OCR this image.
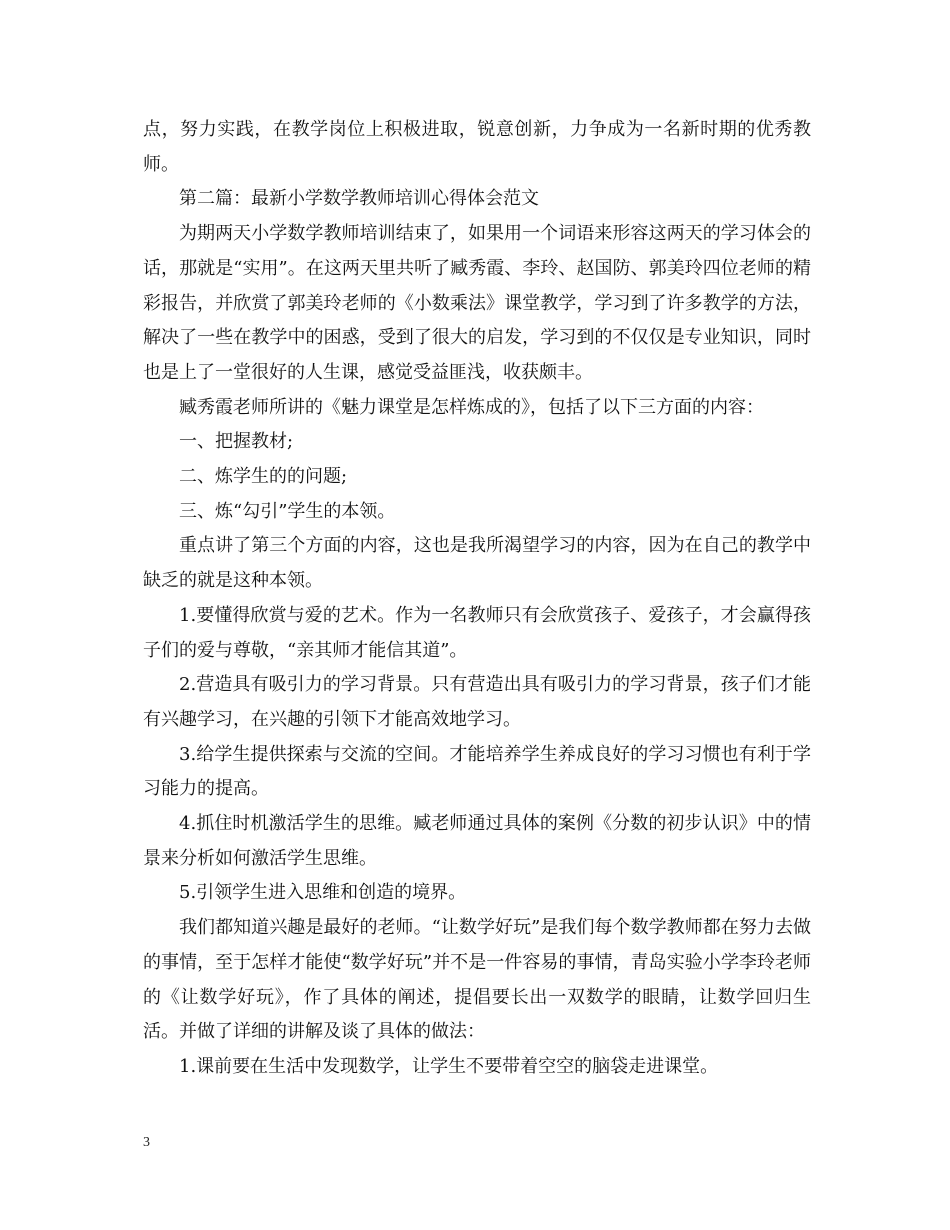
点，努力实践，在教学岗位上积极进取，锐意创新，力争成为一名新时期的优秀教师。

第二篇：最新小学数学教师培训心得体会范文

为期两天小学数学教师培训结束了，如果用一个词语来形容这两天的学习体会的话，那就是“实用”。在这两天里共听了臧秀霞、李玲、赵国防、郭美玲四位老师的精彩报告，并欣赏了郭美玲老师的《小数乘法》课堂教学，学习到了许多教学的方法，解决了一些在教学中的困惑，受到了很大的启发，学习到的不仅仅是专业知识，同时也是上了一堂很好的人生课，感觉受益匪浅，收获颇丰。

臧秀霞老师所讲的《魅力课堂是怎样炼成的》，包括了以下三方面的内容：

一、把握教材;

二、炼学生的的问题;

三、炼“勾引”学生的本领。

重点讲了第三个方面的内容，这也是我所渴望学习的内容，因为在自己的教学中缺乏的就是这种本领。

1.要懂得欣赏与爱的艺术。作为一名教师只有会欣赏孩子、爱孩子，才会赢得孩子们的爱与尊敬，“亲其师才能信其道”。

2.营造具有吸引力的学习背景。只有营造出具有吸引力的学习背景，孩子们才能有兴趣学习，在兴趣的引领下才能高效地学习。

3.给学生提供探索与交流的空间。才能培养学生养成良好的学习习惯也有利于学习能力的提高。

4.抓住时机激活学生的思维。臧老师通过具体的案例《分数的初步认识》中的情景来分析如何激活学生思维。

5.引领学生进入思维和创造的境界。

我们都知道兴趣是最好的老师。“让数学好玩”是我们每个数学教师都在努力去做的事情，至于怎样才能使“数学好玩”并不是一件容易的事情，青岛实验小学李玲老师的《让数学好玩》，作了具体的阐述，提倡要长出一双数学的眼睛，让数学回归生活。并做了详细的讲解及谈了具体的做法：

1.课前要在生活中发现数学，让学生不要带着空空的脑袋走进课堂。

3
